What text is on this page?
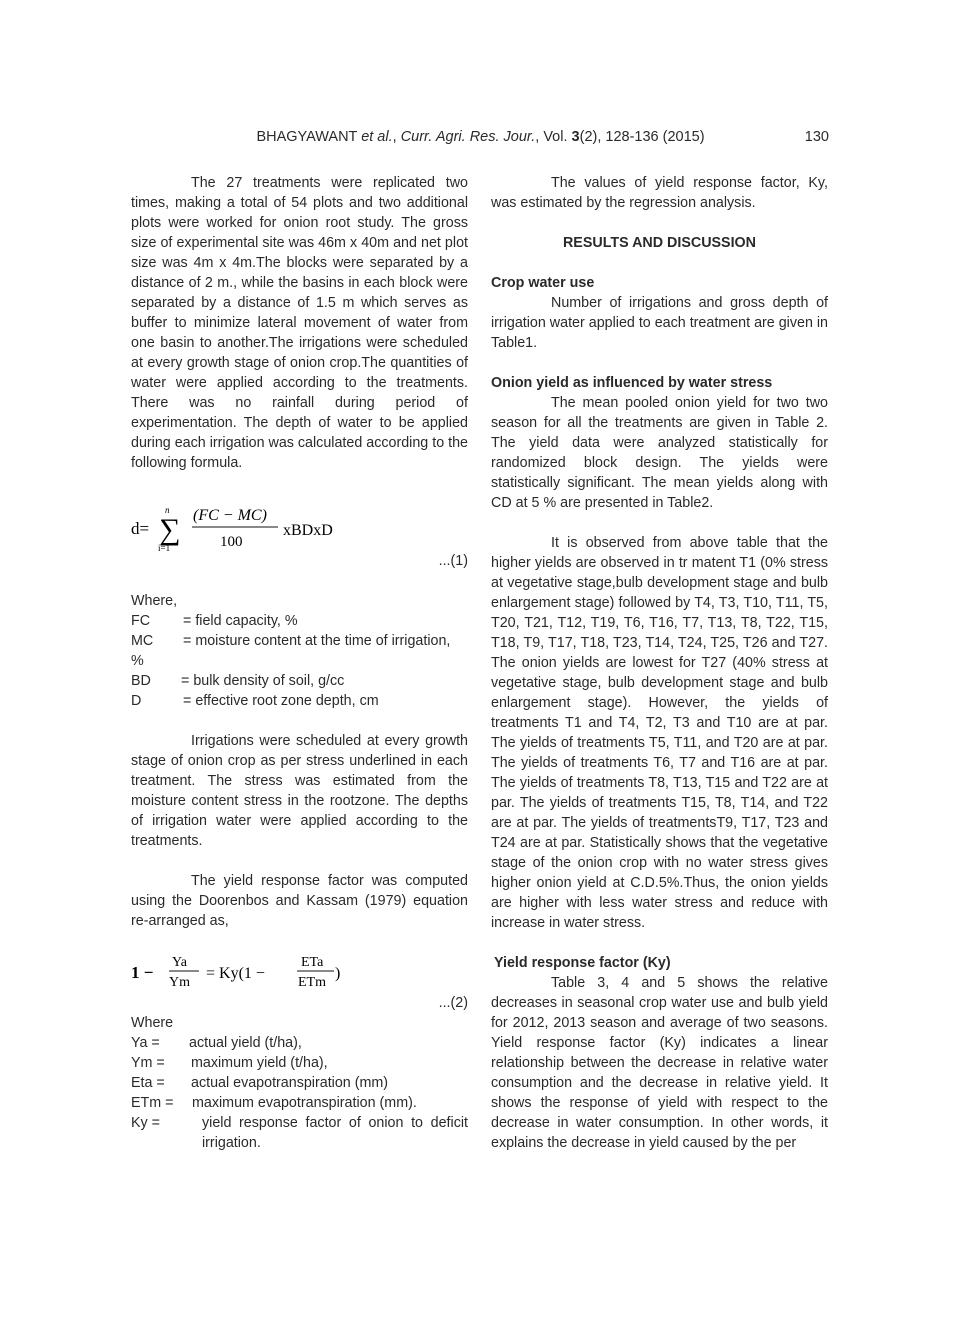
BHAGYAWANT et al., Curr. Agri. Res. Jour., Vol. 3(2), 128-136 (2015)	130

The 27 treatments were replicated two times, making a total of 54 plots and two additional plots were worked for onion root study. The gross size of experimental site was 46m x 40m and net plot size was 4m x 4m.The blocks were separated by a distance of 2 m., while the basins in each block were separated by a distance of 1.5 m which serves as buffer to minimize lateral movement of water from one basin to another.The irrigations were scheduled at every growth stage of onion crop.The quantities of water were applied according to the treatments. There was no rainfall during period of experimentation. The depth of water to be applied during each irrigation was calculated according to the following formula.

d= ∑
n
i=1
(FC − MC)
100
xBDxD
...(1)

Where,

FC	= field capacity, %
MC	= moisture content at the time of irrigation,
%
BD	= bulk density of soil, g/cc
D	= effective root zone depth, cm

Irrigations were scheduled at every growth stage of onion crop as per stress underlined in each treatment. The stress was estimated from the moisture content stress in the rootzone. The depths of irrigation water were applied according to the treatments.

The yield response factor was computed using the Doorenbos and Kassam (1979) equation re-arranged as,

1 −
Ya
Ym
= Ky(1 −
ETa
ETm
)
...(2)

Where

Ya =	actual yield (t/ha),
Ym =	maximum yield (t/ha),
Eta =	actual evapotranspiration (mm)
ETm =	maximum evapotranspiration (mm).
Ky =	yield response factor of onion to deficit irrigation.

The values of yield response factor, Ky, was estimated by the regression analysis.

RESULTS AND DISCUSSION

Crop water use

Number of irrigations and gross depth of irrigation water applied to each treatment are given in Table1.

Onion yield as influenced by water stress

The mean pooled onion yield for two two season for all the treatments are given in Table 2. The yield data were analyzed statistically for randomized block design. The yields were statistically significant. The mean yields along with CD at 5 % are presented in Table2.

It is observed from above table that the higher yields are observed in tr matent T1 (0% stress at vegetative stage,bulb development stage and bulb enlargement stage) followed by T4, T3, T10, T11, T5, T20, T21, T12, T19, T6, T16, T7, T13, T8, T22, T15, T18, T9, T17, T18, T23, T14, T24, T25, T26 and T27. The onion yields are lowest for T27 (40% stress at vegetative stage, bulb development stage and bulb enlargement stage). However, the yields of treatments T1 and T4, T2, T3 and T10 are at par. The yields of treatments T5, T11, and T20 are at par. The yields of treatments T6, T7 and T16 are at par. The yields of treatments T8, T13, T15 and T22 are at par. The yields of treatments T15, T8, T14, and T22 are at par. The yields of treatmentsT9, T17, T23 and T24 are at par. Statistically shows that the vegetative stage of the onion crop with no water stress gives higher onion yield at C.D.5%.Thus, the onion yields are higher with less water stress and reduce with increase in water stress.

Yield response factor (Ky)

Table 3, 4 and 5 shows the relative decreases in seasonal crop water use and bulb yield for 2012, 2013 season and average of two seasons. Yield response factor (Ky) indicates a linear relationship between the decrease in relative water consumption and the decrease in relative yield. It shows the response of yield with respect to the decrease in water consumption. In other words, it explains the decrease in yield caused by the per
